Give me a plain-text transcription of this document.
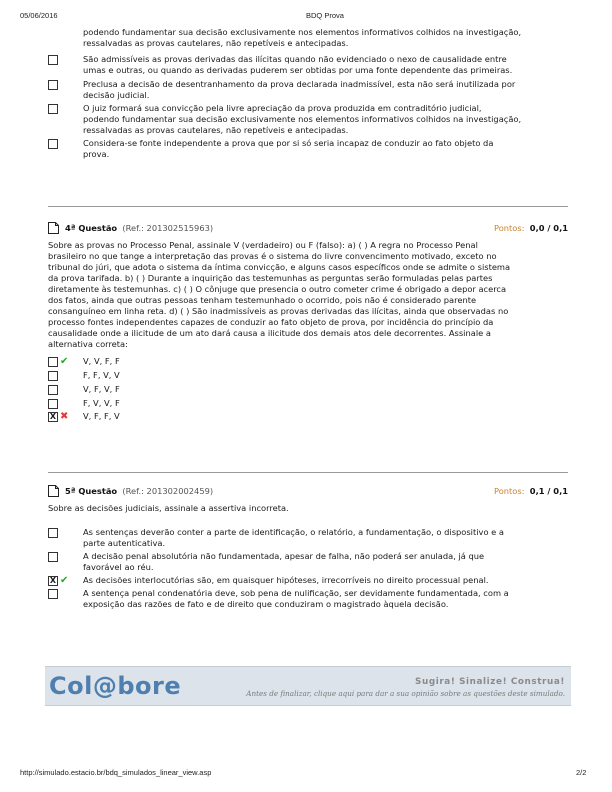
05/06/2016	BDQ Prova
podendo fundamentar sua decisão exclusivamente nos elementos informativos colhidos na investigação,
ressalvadas as provas cautelares, não repetíveis e antecipadas.
São admissíveis as provas derivadas das ilícitas quando não evidenciado o nexo de causalidade entre
umas e outras, ou quando as derivadas puderem ser obtidas por uma fonte dependente das primeiras.
Preclusa a decisão de desentranhamento da prova declarada inadmissível, esta não será inutilizada por
decisão judicial.
O juiz formará sua convicção pela livre apreciação da prova produzida em contraditório judicial,
podendo fundamentar sua decisão exclusivamente nos elementos informativos colhidos na investigação,
ressalvadas as provas cautelares, não repetíveis e antecipadas.
Considera-se fonte independente a prova que por si só seria incapaz de conduzir ao fato objeto da
prova.
4ª Questão (Ref.: 201302515963)	Pontos: 0,0 / 0,1
Sobre as provas no Processo Penal, assinale V (verdadeiro) ou F (falso): a) ( ) A regra no Processo Penal
brasileiro no que tange a interpretação das provas é o sistema do livre convencimento motivado, exceto no
tribunal do júri, que adota o sistema da íntima convicção, e alguns casos específicos onde se admite o sistema
da prova tarifada. b) ( ) Durante a inquirição das testemunhas as perguntas serão formuladas pelas partes
diretamente às testemunhas. c) ( ) O cônjuge que presencia o outro cometer crime é obrigado a depor acerca
dos fatos, ainda que outras pessoas tenham testemunhado o ocorrido, pois não é considerado parente
consanguíneo em linha reta. d) ( ) São inadmissíveis as provas derivadas das ilícitas, ainda que observadas no
processo fontes independentes capazes de conduzir ao fato objeto de prova, por incidência do princípio da
causalidade onde a ilicitude de um ato dará causa a ilicitude dos demais atos dele decorrentes. Assinale a
alternativa correta:
✔	V, V, F, F
F, F, V, V
V, F, V, F
F, V, V, F
X ✖	V, F, F, V
5ª Questão (Ref.: 201302002459)	Pontos: 0,1 / 0,1
Sobre as decisões judiciais, assinale a assertiva incorreta.
As sentenças deverão conter a parte de identificação, o relatório, a fundamentação, o dispositivo e a
parte autenticativa.
A decisão penal absolutória não fundamentada, apesar de falha, não poderá ser anulada, já que
favorável ao réu.
X ✔	As decisões interlocutórias são, em quaisquer hipóteses, irrecorríveis no direito processual penal.
A sentença penal condenatória deve, sob pena de nulificação, ser devidamente fundamentada, com a
exposição das razões de fato e de direito que conduziram o magistrado àquela decisão.
Col@bore	Sugira! Sinalize! Construa!
Antes de finalizar, clique aqui para dar a sua opinião sobre as questões deste simulado.
http://simulado.estacio.br/bdq_simulados_linear_view.asp	2/2
